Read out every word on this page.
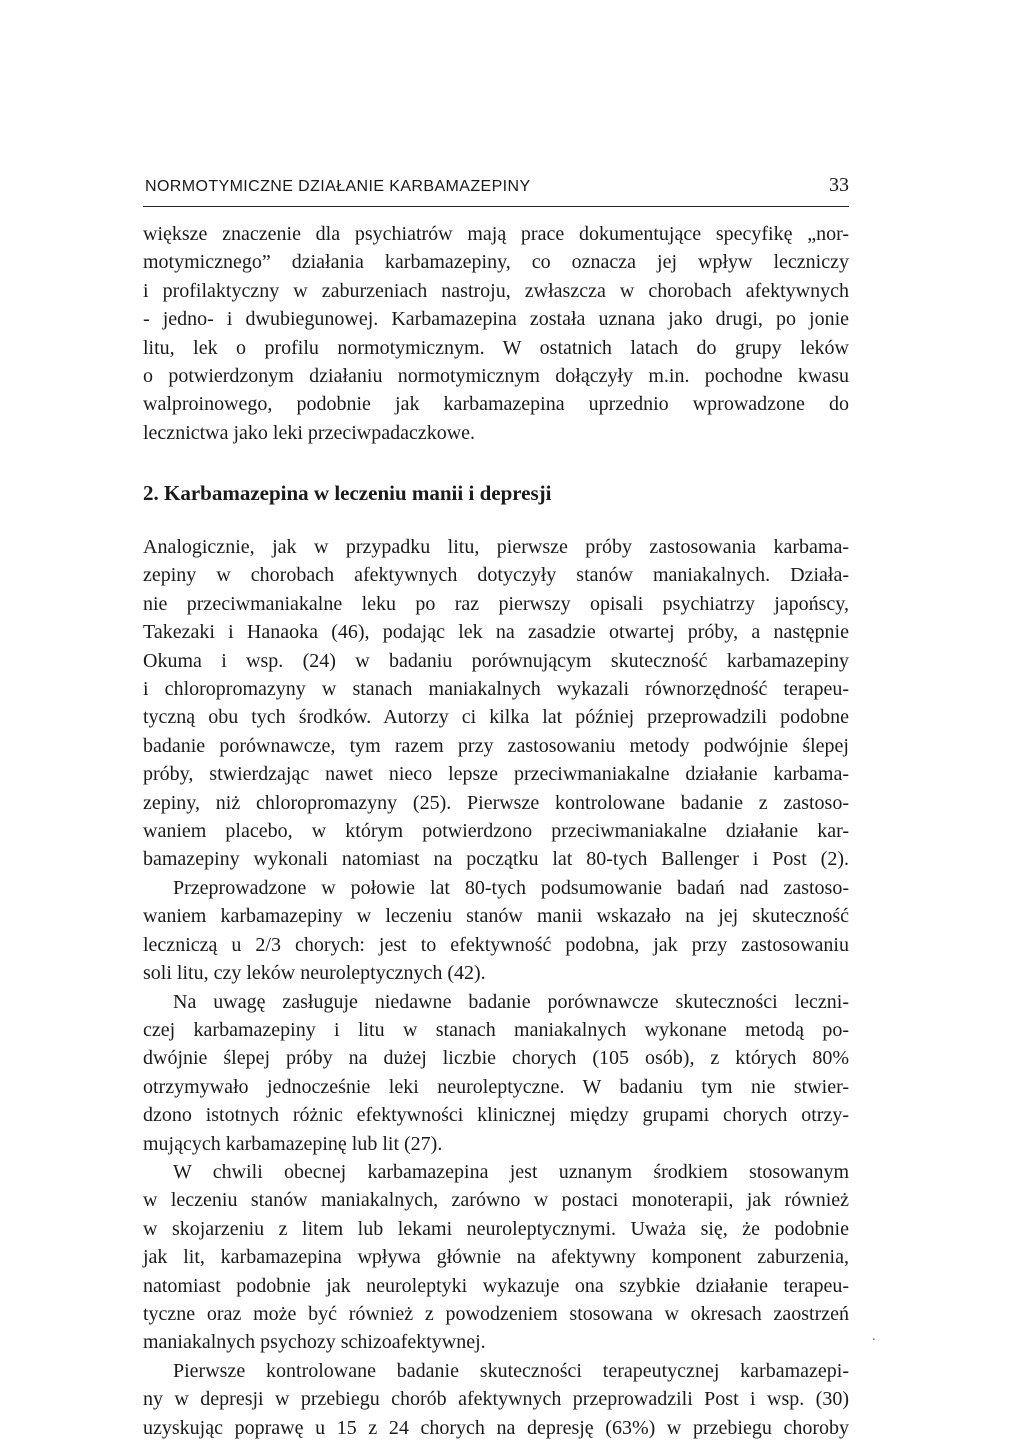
NORMOTYMICZNE DZIAŁANIE KARBAMAZEPINY	33
większe znaczenie dla psychiatrów mają prace dokumentujące specyfikę „nor-
motymicznego” działania karbamazepiny, co oznacza jej wpływ leczniczy
i profilaktyczny w zaburzeniach nastroju, zwłaszcza w chorobach afektywnych
- jedno- i dwubiegunowej. Karbamazepina została uznana jako drugi, po jonie
litu, lek o profilu normotymicznym. W ostatnich latach do grupy leków
o potwierdzonym działaniu normotymicznym dołączyły m.in. pochodne kwasu
walproinowego, podobnie jak karbamazepina uprzednio wprowadzone do
lecznictwa jako leki przeciwpadaczkowe.
2. Karbamazepina w leczeniu manii i depresji
Analogicznie, jak w przypadku litu, pierwsze próby zastosowania karbama-
zepiny w chorobach afektywnych dotyczyły stanów maniakalnych. Działa-
nie przeciwmaniakalne leku po raz pierwszy opisali psychiatrzy japońscy,
Takezaki i Hanaoka (46), podając lek na zasadzie otwartej próby, a następnie
Okuma i wsp. (24) w badaniu porównującym skuteczność karbamazepiny
i chloropromazyny w stanach maniakalnych wykazali równorzędność terapeu-
tyczną obu tych środków. Autorzy ci kilka lat później przeprowadzili podobne
badanie porównawcze, tym razem przy zastosowaniu metody podwójnie ślepej
próby, stwierdzając nawet nieco lepsze przeciwmaniakalne działanie karbama-
zepiny, niż chloropromazyny (25). Pierwsze kontrolowane badanie z zastoso-
waniem placebo, w którym potwierdzono przeciwmaniakalne działanie kar-
bamazepiny wykonali natomiast na początku lat 80-tych Ballenger i Post (2).
Przeprowadzone w połowie lat 80-tych podsumowanie badań nad zastoso-
waniem karbamazepiny w leczeniu stanów manii wskazało na jej skuteczność
leczniczą u 2/3 chorych: jest to efektywność podobna, jak przy zastosowaniu
soli litu, czy leków neuroleptycznych (42).
Na uwagę zasługuje niedawne badanie porównawcze skuteczności leczni-
czej karbamazepiny i litu w stanach maniakalnych wykonane metodą po-
dwójnie ślepej próby na dużej liczbie chorych (105 osób), z których 80%
otrzymywało jednocześnie leki neuroleptyczne. W badaniu tym nie stwier-
dzono istotnych różnic efektywności klinicznej między grupami chorych otrzy-
mujących karbamazepinę lub lit (27).
W chwili obecnej karbamazepina jest uznanym środkiem stosowanym
w leczeniu stanów maniakalnych, zarówno w postaci monoterapii, jak również
w skojarzeniu z litem lub lekami neuroleptycznymi. Uważa się, że podobnie
jak lit, karbamazepina wpływa głównie na afektywny komponent zaburzenia,
natomiast podobnie jak neuroleptyki wykazuje ona szybkie działanie terapeu-
tyczne oraz może być również z powodzeniem stosowana w okresach zaostrzeń
maniakalnych psychozy schizoafektywnej.
Pierwsze kontrolowane badanie skuteczności terapeutycznej karbamazepi-
ny w depresji w przebiegu chorób afektywnych przeprowadzili Post i wsp. (30)
uzyskując poprawę u 15 z 24 chorych na depresję (63%) w przebiegu choroby
.
